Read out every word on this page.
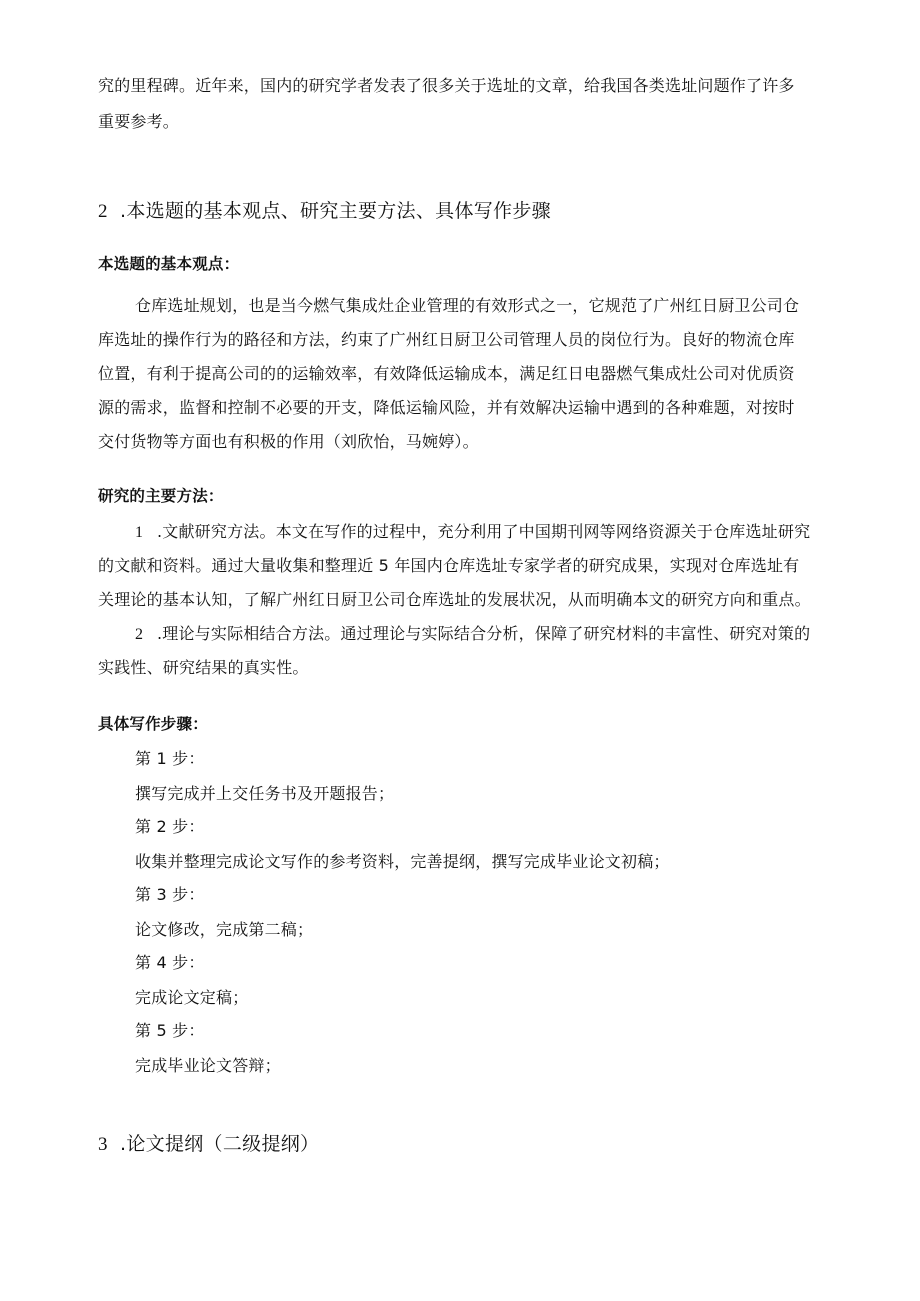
究的里程碑。近年来，国内的研究学者发表了很多关于选址的文章，给我国各类选址问题作了许多
重要参考。
2 .本选题的基本观点、研究主要方法、具体写作步骤
本选题的基本观点：
仓库选址规划，也是当今燃气集成灶企业管理的有效形式之一，它规范了广州红日厨卫公司仓
库选址的操作行为的路径和方法，约束了广州红日厨卫公司管理人员的岗位行为。良好的物流仓库
位置，有利于提高公司的的运输效率，有效降低运输成本，满足红日电器燃气集成灶公司对优质资
源的需求，监督和控制不必要的开支，降低运输风险，并有效解决运输中遇到的各种难题，对按时
交付货物等方面也有积极的作用（刘欣怡，马婉婷）。
研究的主要方法：
1 .文献研究方法。本文在写作的过程中，充分利用了中国期刊网等网络资源关于仓库选址研究
的文献和资料。通过大量收集和整理近 5 年国内仓库选址专家学者的研究成果，实现对仓库选址有
关理论的基本认知，了解广州红日厨卫公司仓库选址的发展状况，从而明确本文的研究方向和重点。
2 .理论与实际相结合方法。通过理论与实际结合分析，保障了研究材料的丰富性、研究对策的
实践性、研究结果的真实性。
具体写作步骤：
第 1 步：
撰写完成并上交任务书及开题报告；
第 2 步：
收集并整理完成论文写作的参考资料，完善提纲，撰写完成毕业论文初稿；
第 3 步：
论文修改，完成第二稿；
第 4 步：
完成论文定稿；
第 5 步：
完成毕业论文答辩；
3 .论文提纲（二级提纲）
